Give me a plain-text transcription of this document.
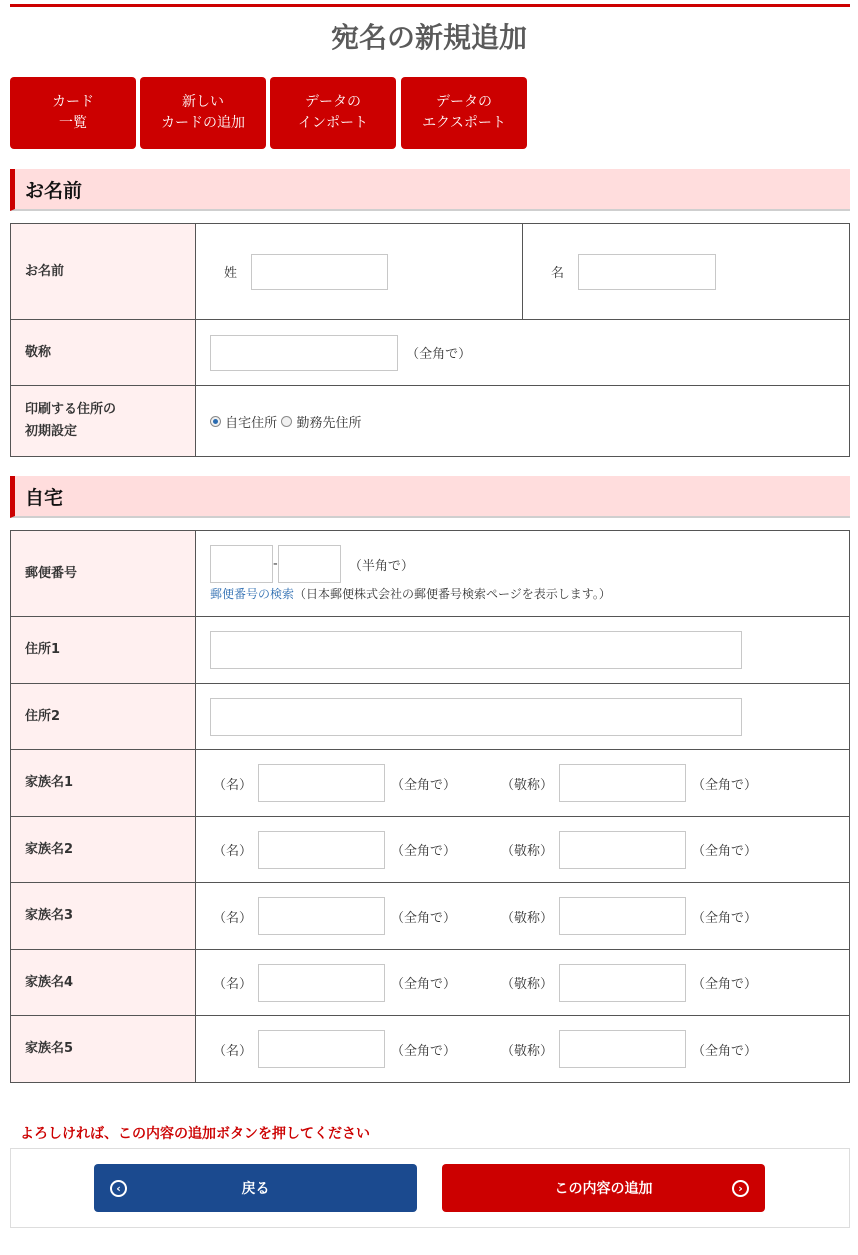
宛名の新規追加
カード
一覧
新しい
カードの追加
データの
インポート
データの
エクスポート
お名前
お名前	姓	名
敬称	（全角で）	
印刷する住所の
初期設定	自宅住所 勤務先住所	
自宅
郵便番号	- （半角で）
郵便番号の検索（日本郵便株式会社の郵便番号検索ページを表示します。）

住所1	
住所2	
家族名1	（名） （全角で） （敬称） （全角で）
家族名2	（名） （全角で） （敬称） （全角で）
家族名3	（名） （全角で） （敬称） （全角で）
家族名4	（名） （全角で） （敬称） （全角で）
家族名5	（名） （全角で） （敬称） （全角で）
よろしければ、この内容の追加ボタンを押してください
‹	戻る	この内容の追加	›
